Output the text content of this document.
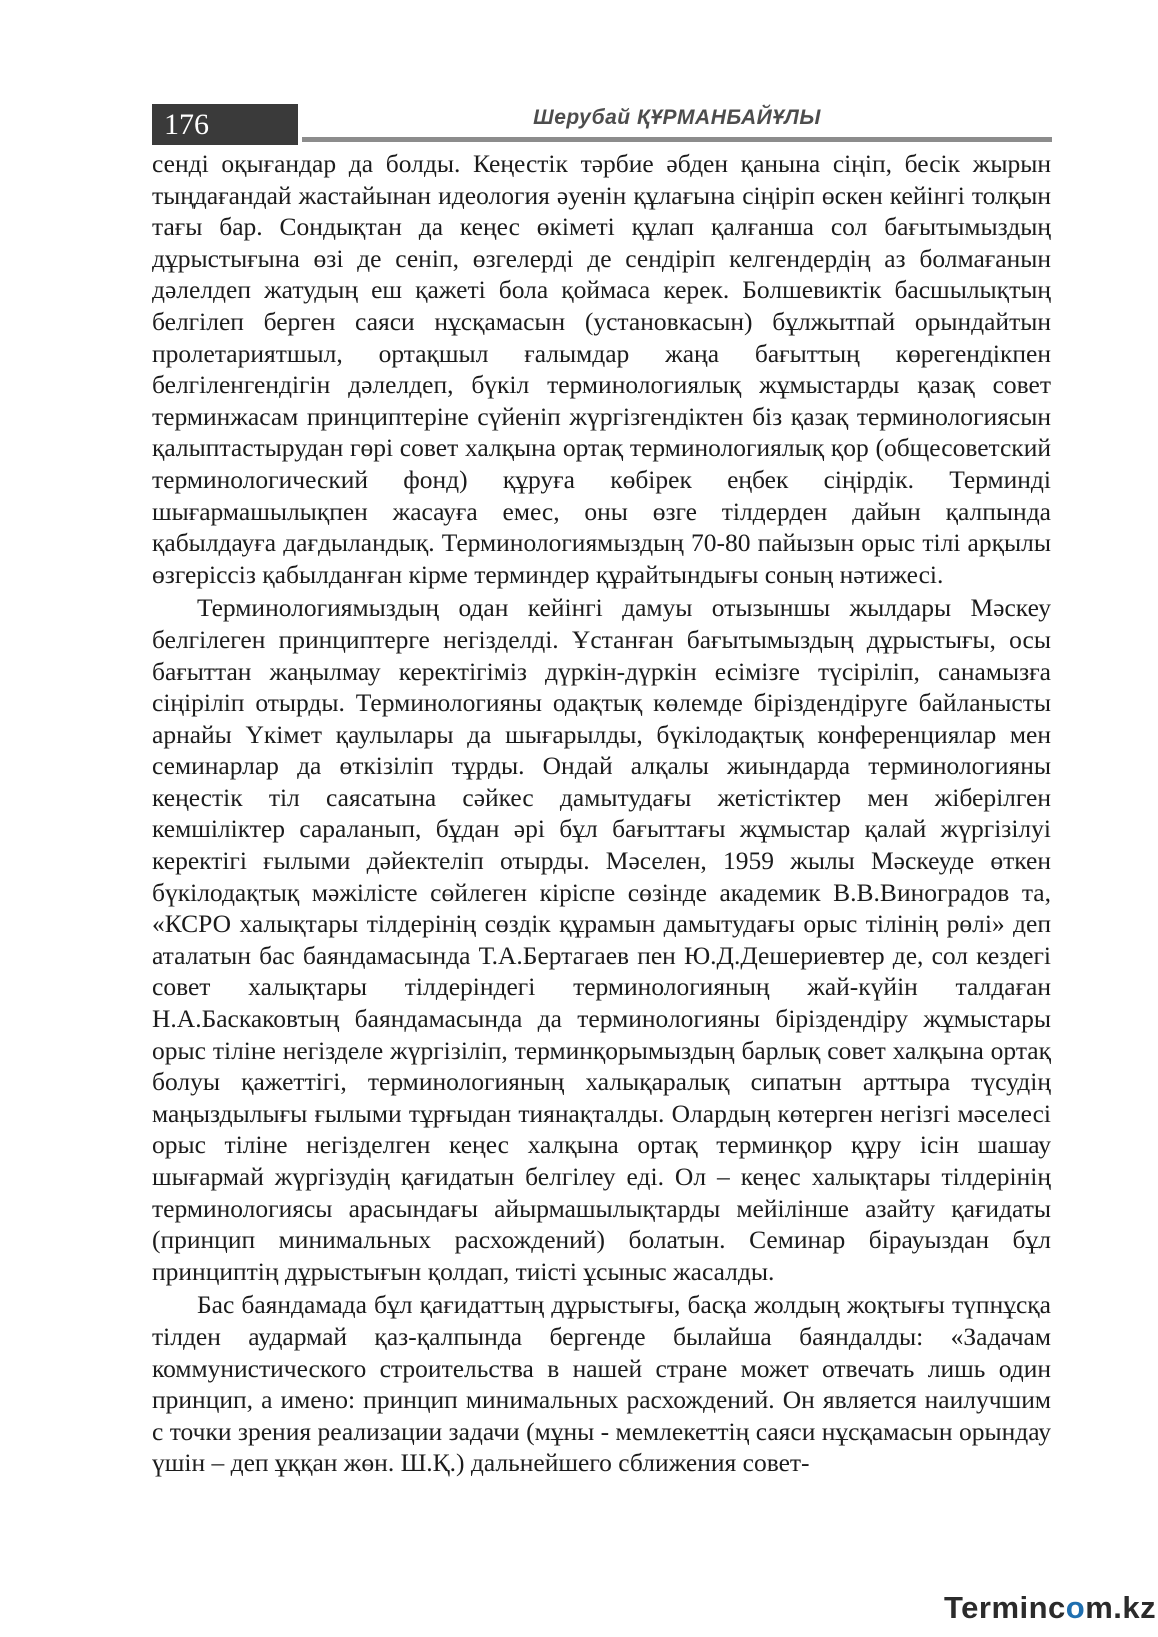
176	Шерубай ҚҰРМАНБАЙҰЛЫ

сенді оқығандар да болды. Кеңестік тәрбие әбден қанына сіңіп, бесік жырын тыңдағандай жастайынан идеология әуенін құлағына сіңіріп өскен кейінгі толқын тағы бар. Сондықтан да кеңес өкіметі құлап қалғанша сол бағытымыздың дұрыстығына өзі де сеніп, өзгелерді де сендіріп келгендердің аз болмағанын дәлелдеп жатудың еш қажеті бола қоймаса керек. Болшевиктік басшылықтың белгілеп берген саяси нұсқамасын (установкасын) бұлжытпай орындайтын пролетариятшыл, ортақшыл ғалымдар жаңа бағыттың көрегендікпен белгіленгендігін дәлелдеп, бүкіл терминологиялық жұмыстарды қазақ совет терминжасам принциптеріне сүйеніп жүргізгендіктен біз қазақ терминологиясын қалыптастырудан гөрі совет халқына ортақ терминологиялық қор (общесоветский терминологический фонд) құруға көбірек еңбек сіңірдік. Терминді шығармашылықпен жасауға емес, оны өзге тілдерден дайын қалпында қабылдауға дағдыландық. Терминологиямыздың 70-80 пайызын орыс тілі арқылы өзгеріссіз қабылданған кірме терминдер құрайтындығы соның нәтижесі.

Терминологиямыздың одан кейінгі дамуы отызыншы жылдары Мәскеу белгілеген принциптерге негізделді. Ұстанған бағытымыздың дұрыстығы, осы бағыттан жаңылмау керектігіміз дүркін-дүркін есімізге түсіріліп, санамызға сіңіріліп отырды. Терминологияны одақтық көлемде біріздендіруге байланысты арнайы Үкімет қаулылары да шығарылды, бүкілодақтық конференциялар мен семинарлар да өткізіліп тұрды. Ондай алқалы жиындарда терминологияны кеңестік тіл саясатына сәйкес дамытудағы жетістіктер мен жіберілген кемшіліктер сараланып, бұдан әрі бұл бағыттағы жұмыстар қалай жүргізілуі керектігі ғылыми дәйектеліп отырды. Мәселен, 1959 жылы Мәскеуде өткен бүкілодақтық мәжілісте сөйлеген кіріспе сөзінде академик В.В.Виноградов та, «КСРО халықтары тілдерінің сөздік құрамын дамытудағы орыс тілінің рөлі» деп аталатын бас баяндамасында Т.А.Бертагаев пен Ю.Д.Дешериевтер де, сол кездегі совет халықтары тілдеріндегі терминологияның жай-күйін талдаған Н.А.Баскаковтың баяндамасында да терминологияны біріздендіру жұмыстары орыс тіліне негізделе жүргізіліп, терминқорымыздың барлық совет халқына ортақ болуы қажеттігі, терминологияның халықаралық сипатын арттыра түсудің маңыздылығы ғылыми тұрғыдан тиянақталды. Олардың көтерген негізгі мәселесі орыс тіліне негізделген кеңес халқына ортақ терминқор құру ісін шашау шығармай жүргізудің қағидатын белгілеу еді. Ол – кеңес халықтары тілдерінің терминологиясы арасындағы айырмашылықтарды мейілінше азайту қағидаты (принцип минимальных расхождений) болатын. Семинар бірауыздан бұл принциптің дұрыстығын қолдап, тиісті ұсыныс жасалды.

Бас баяндамада бұл қағидаттың дұрыстығы, басқа жолдың жоқтығы түпнұсқа тілден аудармай қаз-қалпында бергенде былайша баяндалды: «Задачам коммунистического строительства в нашей стране может отвечать лишь один принцип, а имено: принцип минимальных расхождений. Он является наилучшим с точки зрения реализации задачи (мұны - мемлекеттің саяси нұсқамасын орындау үшін – деп ұққан жөн. Ш.Қ.) дальнейшего сближения совет-

Termincom.kz
